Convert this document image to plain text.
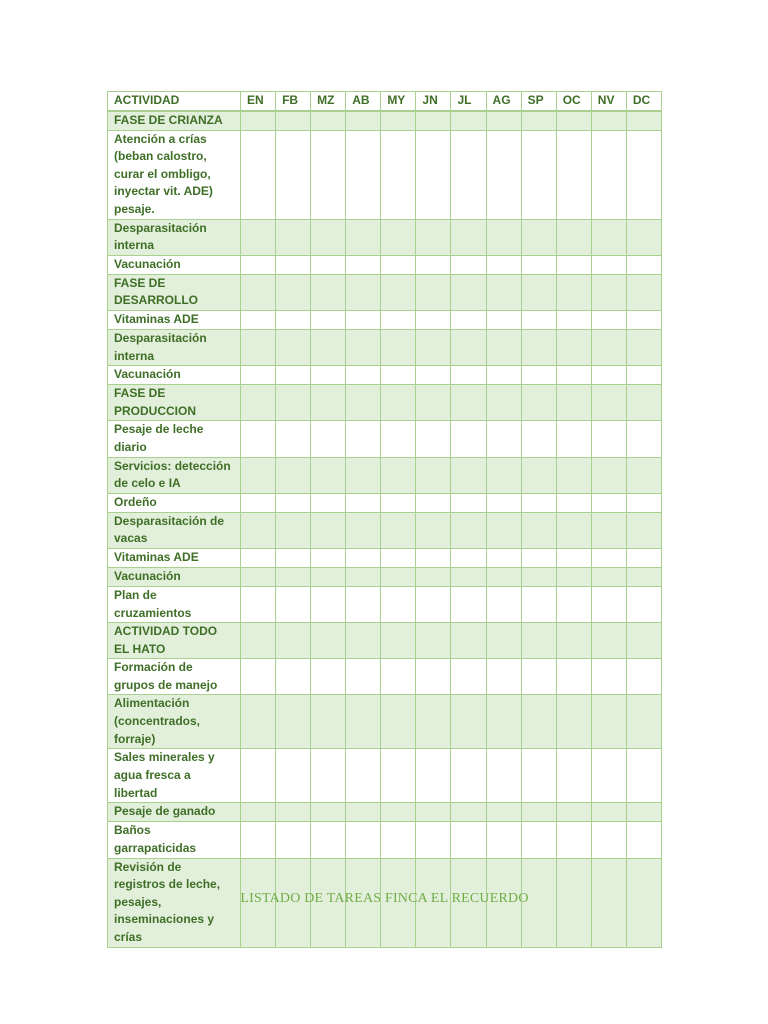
ACTIVIDAD	EN	FB	MZ	AB	MY	JN	JL	AG	SP	OC	NV	DC
FASE DE CRIANZA												
Atención a crías (beban calostro, curar el ombligo, inyectar vit. ADE) pesaje.												
Desparasitación interna												
Vacunación												
FASE DE DESARROLLO												
Vitaminas ADE												
Desparasitación interna												
Vacunación												
FASE DE PRODUCCION												
Pesaje de leche diario												
Servicios: detección de celo e IA												
Ordeño												
Desparasitación de vacas												
Vitaminas ADE												
Vacunación												
Plan de cruzamientos												
ACTIVIDAD TODO EL HATO												
Formación de grupos de manejo												
Alimentación (concentrados, forraje)												
Sales minerales y agua fresca a libertad												
Pesaje de ganado												
Baños garrapaticidas												
Revisión de registros de leche, pesajes, inseminaciones y crías												
LISTADO DE TAREAS FINCA EL RECUERDO
